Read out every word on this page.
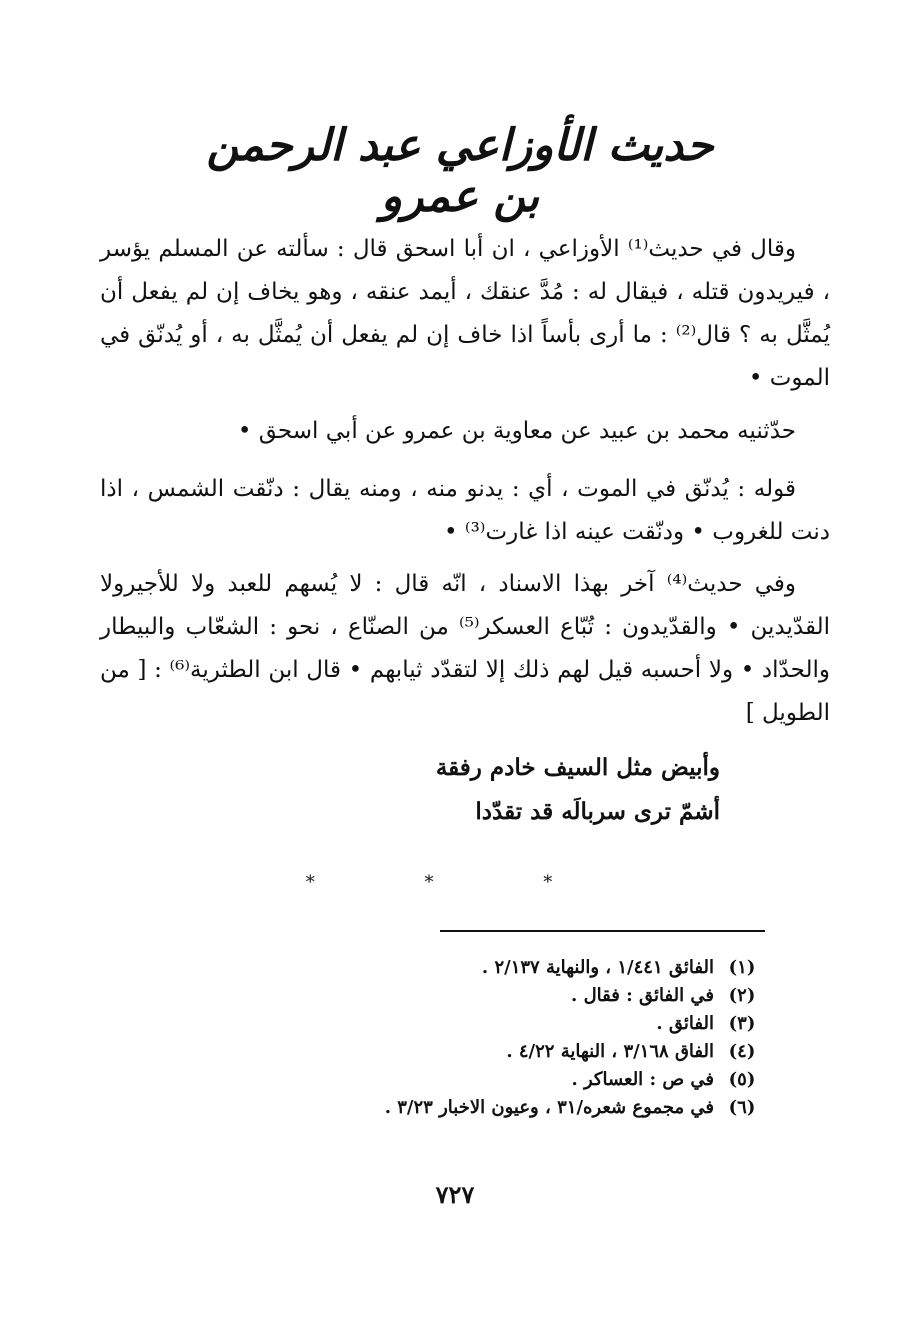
حديث الأوزاعي عبد الرحمن بن عمرو

وقال في حديث⁽¹⁾ الأوزاعي ، ان أبا اسحق قال : سألته عن المسلم يؤسر ، فيريدون قتله ، فيقال له : مُدَّ عنقك ، أيمد عنقه ، وهو يخاف إن لم يفعل أن يُمثَّل به ؟ قال⁽²⁾ : ما أرى بأساً اذا خاف إن لم يفعل أن يُمثَّل به ، أو يُدنّق في الموت •

حدّثنيه محمد بن عبيد عن معاوية بن عمرو عن أبي اسحق •

قوله : يُدنّق في الموت ، أي : يدنو منه ، ومنه يقال : دنّقت الشمس ، اذا دنت للغروب • ودنّقت عينه اذا غارت⁽³⁾ •

وفي حديث⁽⁴⁾ آخر بهذا الاسناد ، انّه قال : لا يُسهم للعبد ولا للأجيرولا القدّيدين • والقدّيدون : تُبّاع العسكر⁽⁵⁾ من الصنّاع ، نحو : الشعّاب والبيطار والحدّاد • ولا أحسبه قيل لهم ذلك إلا لتقدّد ثيابهم • قال ابن الطثرية⁽⁶⁾ : [ من الطويل ]

وأبيض مثل السيف خادم رفقة
أشمّ ترى سربالَه قد تقدّدا
* * *
(١)
الفائق ١/٤٤١ ، والنهاية ٢/١٣٧ .
(٢)
في الفائق : فقال .
(٣)
الفائق .
(٤)
الفاق ٣/١٦٨ ، النهاية ٤/٢٢ .
(٥)
في ص : العساكر .
(٦)
في مجموع شعره/٣١ ، وعيون الاخبار ٣/٢٣ .
٧٢٧
